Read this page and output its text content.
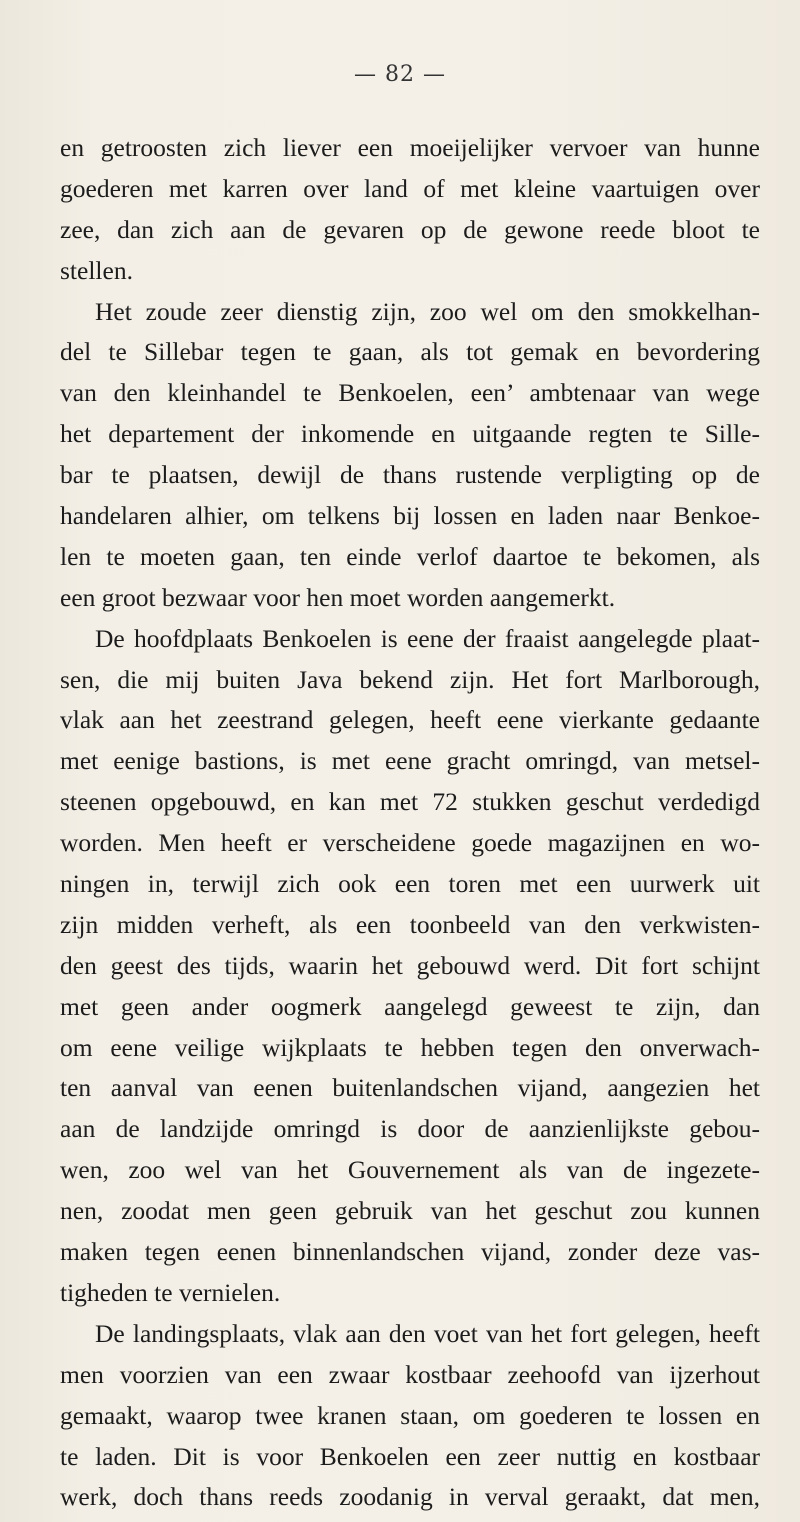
— 82 —
en getroosten zich liever een moeijelijker vervoer van hunne
goederen met karren over land of met kleine vaartuigen over
zee, dan zich aan de gevaren op de gewone reede bloot te
stellen.
Het zoude zeer dienstig zijn, zoo wel om den smokkelhan-
del te Sillebar tegen te gaan, als tot gemak en bevordering
van den kleinhandel te Benkoelen, een’ ambtenaar van wege
het departement der inkomende en uitgaande regten te Sille-
bar te plaatsen, dewijl de thans rustende verpligting op de
handelaren alhier, om telkens bij lossen en laden naar Benkoe-
len te moeten gaan, ten einde verlof daartoe te bekomen, als
een groot bezwaar voor hen moet worden aangemerkt.
De hoofdplaats Benkoelen is eene der fraaist aangelegde plaat-
sen, die mij buiten Java bekend zijn. Het fort Marlborough,
vlak aan het zeestrand gelegen, heeft eene vierkante gedaante
met eenige bastions, is met eene gracht omringd, van metsel-
steenen opgebouwd, en kan met 72 stukken geschut verdedigd
worden. Men heeft er verscheidene goede magazijnen en wo-
ningen in, terwijl zich ook een toren met een uurwerk uit
zijn midden verheft, als een toonbeeld van den verkwisten-
den geest des tijds, waarin het gebouwd werd. Dit fort schijnt
met geen ander oogmerk aangelegd geweest te zijn, dan
om eene veilige wijkplaats te hebben tegen den onverwach-
ten aanval van eenen buitenlandschen vijand, aangezien het
aan de landzijde omringd is door de aanzienlijkste gebou-
wen, zoo wel van het Gouvernement als van de ingezete-
nen, zoodat men geen gebruik van het geschut zou kunnen
maken tegen eenen binnenlandschen vijand, zonder deze vas-
tigheden te vernielen.
De landingsplaats, vlak aan den voet van het fort gelegen, heeft
men voorzien van een zwaar kostbaar zeehoofd van ijzerhout
gemaakt, waarop twee kranen staan, om goederen te lossen en
te laden. Dit is voor Benkoelen een zeer nuttig en kostbaar
werk, doch thans reeds zoodanig in verval geraakt, dat men,
